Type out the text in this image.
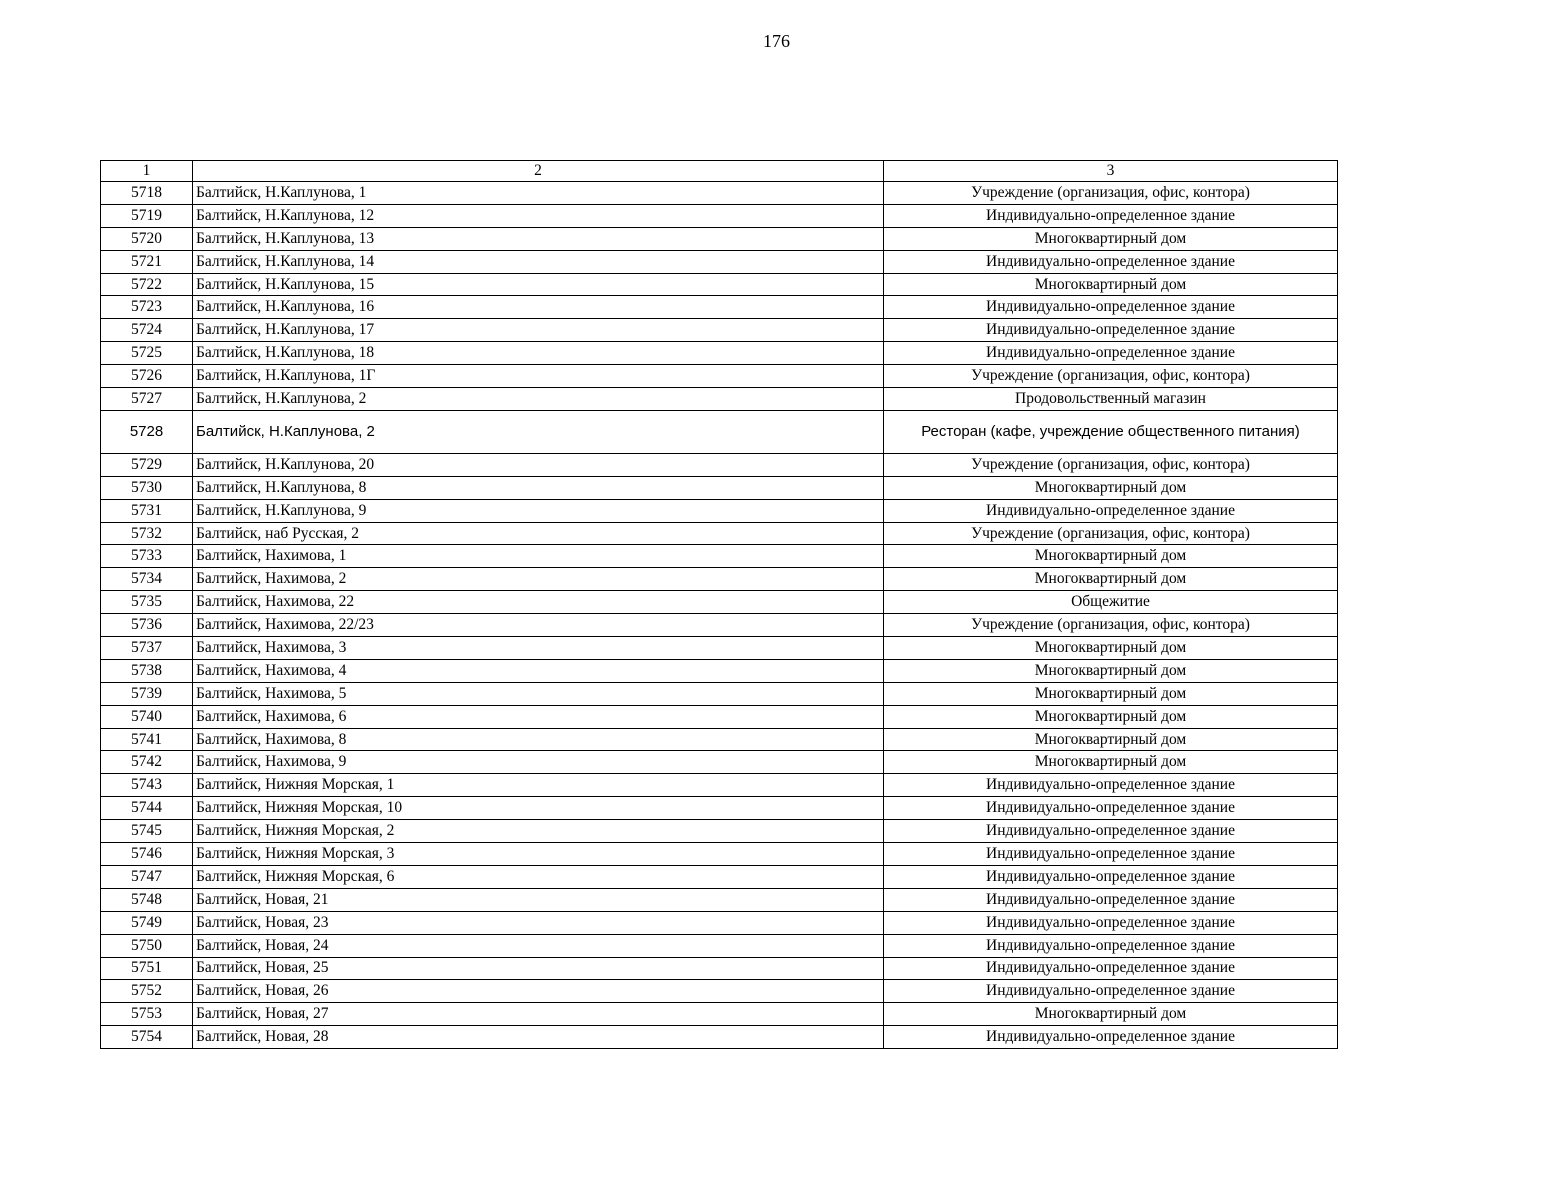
176
1	2	3
5718	Балтийск, Н.Каплунова, 1	Учреждение (организация, офис, контора)
5719	Балтийск, Н.Каплунова, 12	Индивидуально-определенное здание
5720	Балтийск, Н.Каплунова, 13	Многоквартирный дом
5721	Балтийск, Н.Каплунова, 14	Индивидуально-определенное здание
5722	Балтийск, Н.Каплунова, 15	Многоквартирный дом
5723	Балтийск, Н.Каплунова, 16	Индивидуально-определенное здание
5724	Балтийск, Н.Каплунова, 17	Индивидуально-определенное здание
5725	Балтийск, Н.Каплунова, 18	Индивидуально-определенное здание
5726	Балтийск, Н.Каплунова, 1Г	Учреждение (организация, офис, контора)
5727	Балтийск, Н.Каплунова, 2	Продовольственный магазин
5728	Балтийск, Н.Каплунова, 2	Ресторан (кафе, учреждение общественного питания)
5729	Балтийск, Н.Каплунова, 20	Учреждение (организация, офис, контора)
5730	Балтийск, Н.Каплунова, 8	Многоквартирный дом
5731	Балтийск, Н.Каплунова, 9	Индивидуально-определенное здание
5732	Балтийск, наб Русская, 2	Учреждение (организация, офис, контора)
5733	Балтийск, Нахимова, 1	Многоквартирный дом
5734	Балтийск, Нахимова, 2	Многоквартирный дом
5735	Балтийск, Нахимова, 22	Общежитие
5736	Балтийск, Нахимова, 22/23	Учреждение (организация, офис, контора)
5737	Балтийск, Нахимова, 3	Многоквартирный дом
5738	Балтийск, Нахимова, 4	Многоквартирный дом
5739	Балтийск, Нахимова, 5	Многоквартирный дом
5740	Балтийск, Нахимова, 6	Многоквартирный дом
5741	Балтийск, Нахимова, 8	Многоквартирный дом
5742	Балтийск, Нахимова, 9	Многоквартирный дом
5743	Балтийск, Нижняя Морская, 1	Индивидуально-определенное здание
5744	Балтийск, Нижняя Морская, 10	Индивидуально-определенное здание
5745	Балтийск, Нижняя Морская, 2	Индивидуально-определенное здание
5746	Балтийск, Нижняя Морская, 3	Индивидуально-определенное здание
5747	Балтийск, Нижняя Морская, 6	Индивидуально-определенное здание
5748	Балтийск, Новая, 21	Индивидуально-определенное здание
5749	Балтийск, Новая, 23	Индивидуально-определенное здание
5750	Балтийск, Новая, 24	Индивидуально-определенное здание
5751	Балтийск, Новая, 25	Индивидуально-определенное здание
5752	Балтийск, Новая, 26	Индивидуально-определенное здание
5753	Балтийск, Новая, 27	Многоквартирный дом
5754	Балтийск, Новая, 28	Индивидуально-определенное здание
